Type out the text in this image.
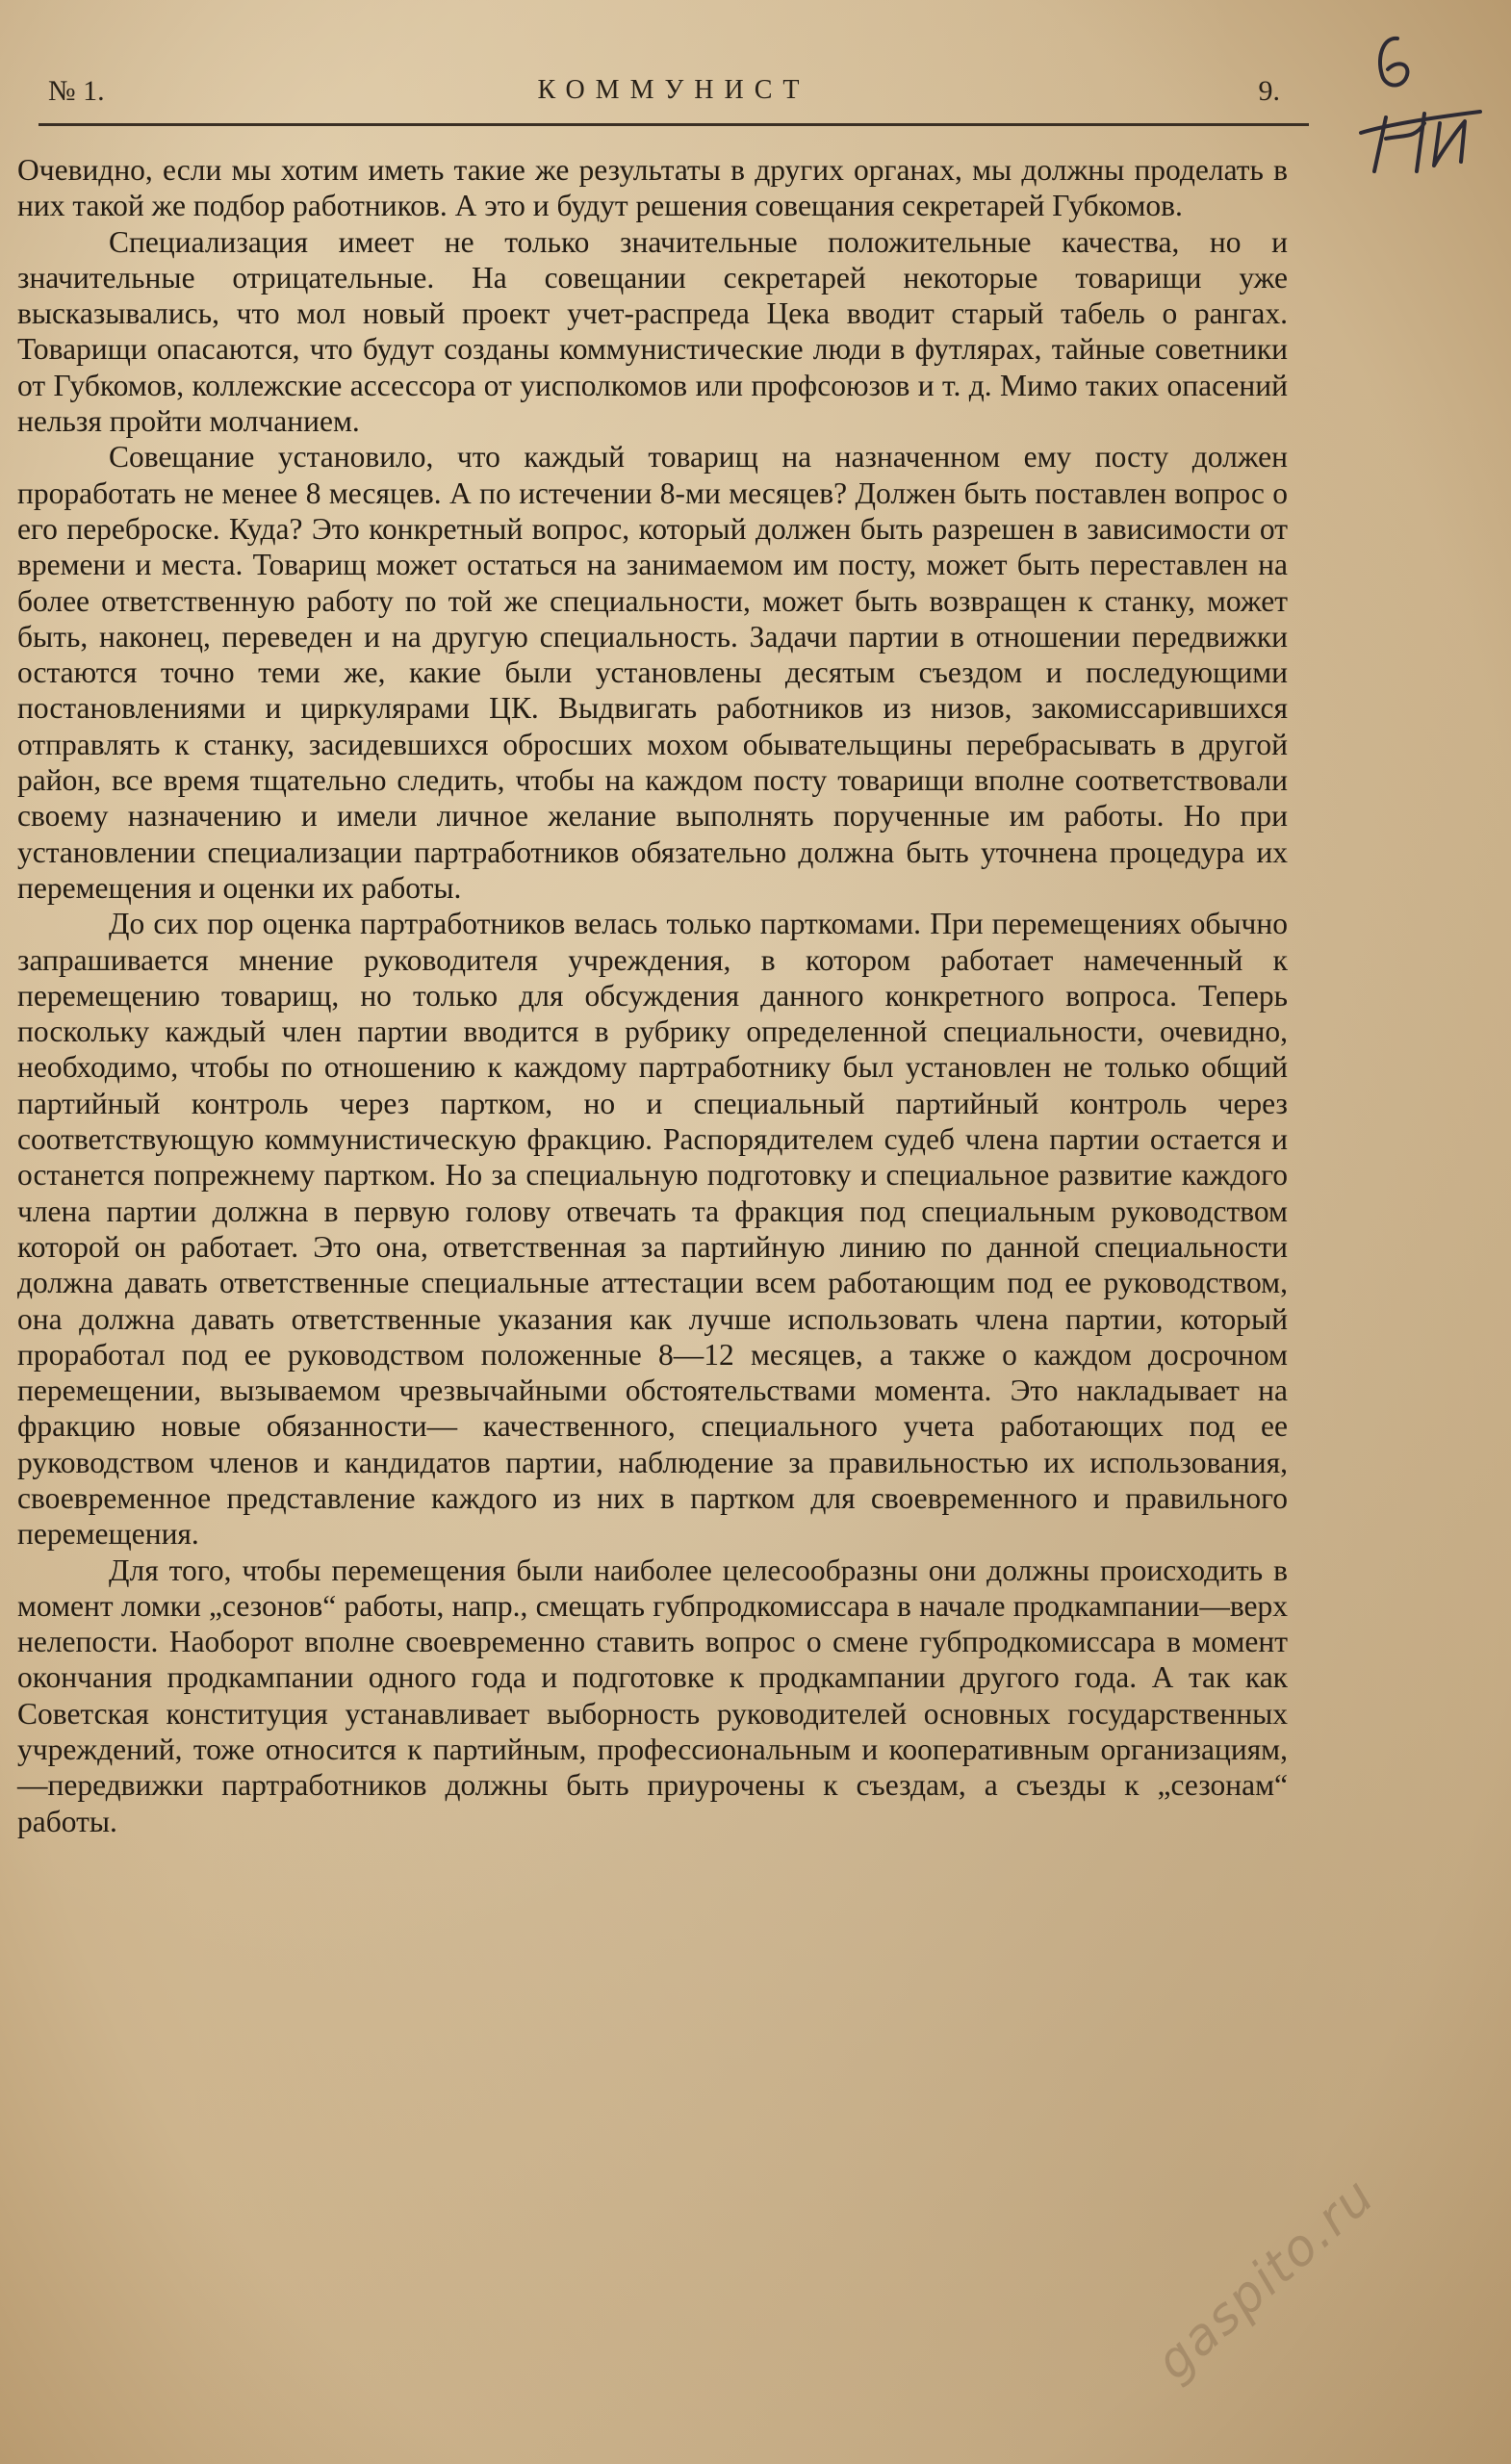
№ 1.	КОММУНИСТ	9.

Очевидно, если мы хотим иметь такие же результаты в других органах, мы должны проделать в них такой же подбор работников. А это и будут решения совещания секретарей Губкомов.

Специализация имеет не только значительные положительные качества, но и значительные отрицательные. На совещании секретарей некоторые товарищи уже высказывались, что мол новый проект учет-распреда Цека вводит старый табель о рангах. Товарищи опасаются, что будут созданы коммунистические люди в футлярах, тайные советники от Губкомов, коллежские ассессора от уисполкомов или профсоюзов и т. д. Мимо таких опасений нельзя пройти молчанием.

Совещание установило, что каждый товарищ на назначенном ему посту должен проработать не менее 8 месяцев. А по истечении 8-ми месяцев? Должен быть поставлен вопрос о его переброске. Куда? Это конкретный вопрос, который должен быть разрешен в зависимости от времени и места. Товарищ может остаться на занимаемом им посту, может быть переставлен на более ответственную работу по той же специальности, может быть возвращен к станку, может быть, наконец, переведен и на другую специальность. Задачи партии в отношении передвижки остаются точно теми же, какие были установлены десятым съездом и последующими постановлениями и циркулярами ЦК. Выдвигать работников из низов, закомиссарившихся отправлять к станку, засидевшихся обросших мохом обывательщины перебрасывать в другой район, все время тщательно следить, чтобы на каждом посту товарищи вполне соответствовали своему назначению и имели личное желание выполнять порученные им работы. Но при установлении специализации партработников обязательно должна быть уточнена процедура их перемещения и оценки их работы.

До сих пор оценка партработников велась только парткомами. При перемещениях обычно запрашивается мнение руководителя учреждения, в котором работает намеченный к перемещению товарищ, но только для обсуждения данного конкретного вопроса. Теперь поскольку каждый член партии вводится в рубрику определенной специальности, очевидно, необходимо, чтобы по отношению к каждому партработнику был установлен не только общий партийный контроль через партком, но и специальный партийный контроль через соответствующую коммунистическую фракцию. Распорядителем судеб члена партии остается и останется попрежнему партком. Но за специальную подготовку и специальное развитие каждого члена партии должна в первую голову отвечать та фракция под специальным руководством которой он работает. Это она, ответственная за партийную линию по данной специальности должна давать ответственные специальные аттестации всем работающим под ее руководством, она должна давать ответственные указания как лучше использовать члена партии, который проработал под ее руководством положенные 8—12 месяцев, а также о каждом досрочном перемещении, вызываемом чрезвычайными обстоятельствами момента. Это накладывает на фракцию новые обязанности— качественного, специального учета работающих под ее руководством членов и кандидатов партии, наблюдение за правильностью их использования, своевременное представление каждого из них в партком для своевременного и правильного перемещения.

Для того, чтобы перемещения были наиболее целесообразны они должны происходить в момент ломки „сезонов“ работы, напр., смещать губпродкомиссара в начале продкампании—верх нелепости. Наоборот вполне своевременно ставить вопрос о смене губпродкомиссара в момент окончания продкампании одного года и подготовке к продкампании другого года. А так как Советская конституция устанавливает выборность руководителей основных государственных учреждений, тоже относится к партийным, профессиональным и кооперативным организациям,—передвижки партработников должны быть приурочены к съездам, а съезды к „сезонам“ работы.

gaspito.ru
